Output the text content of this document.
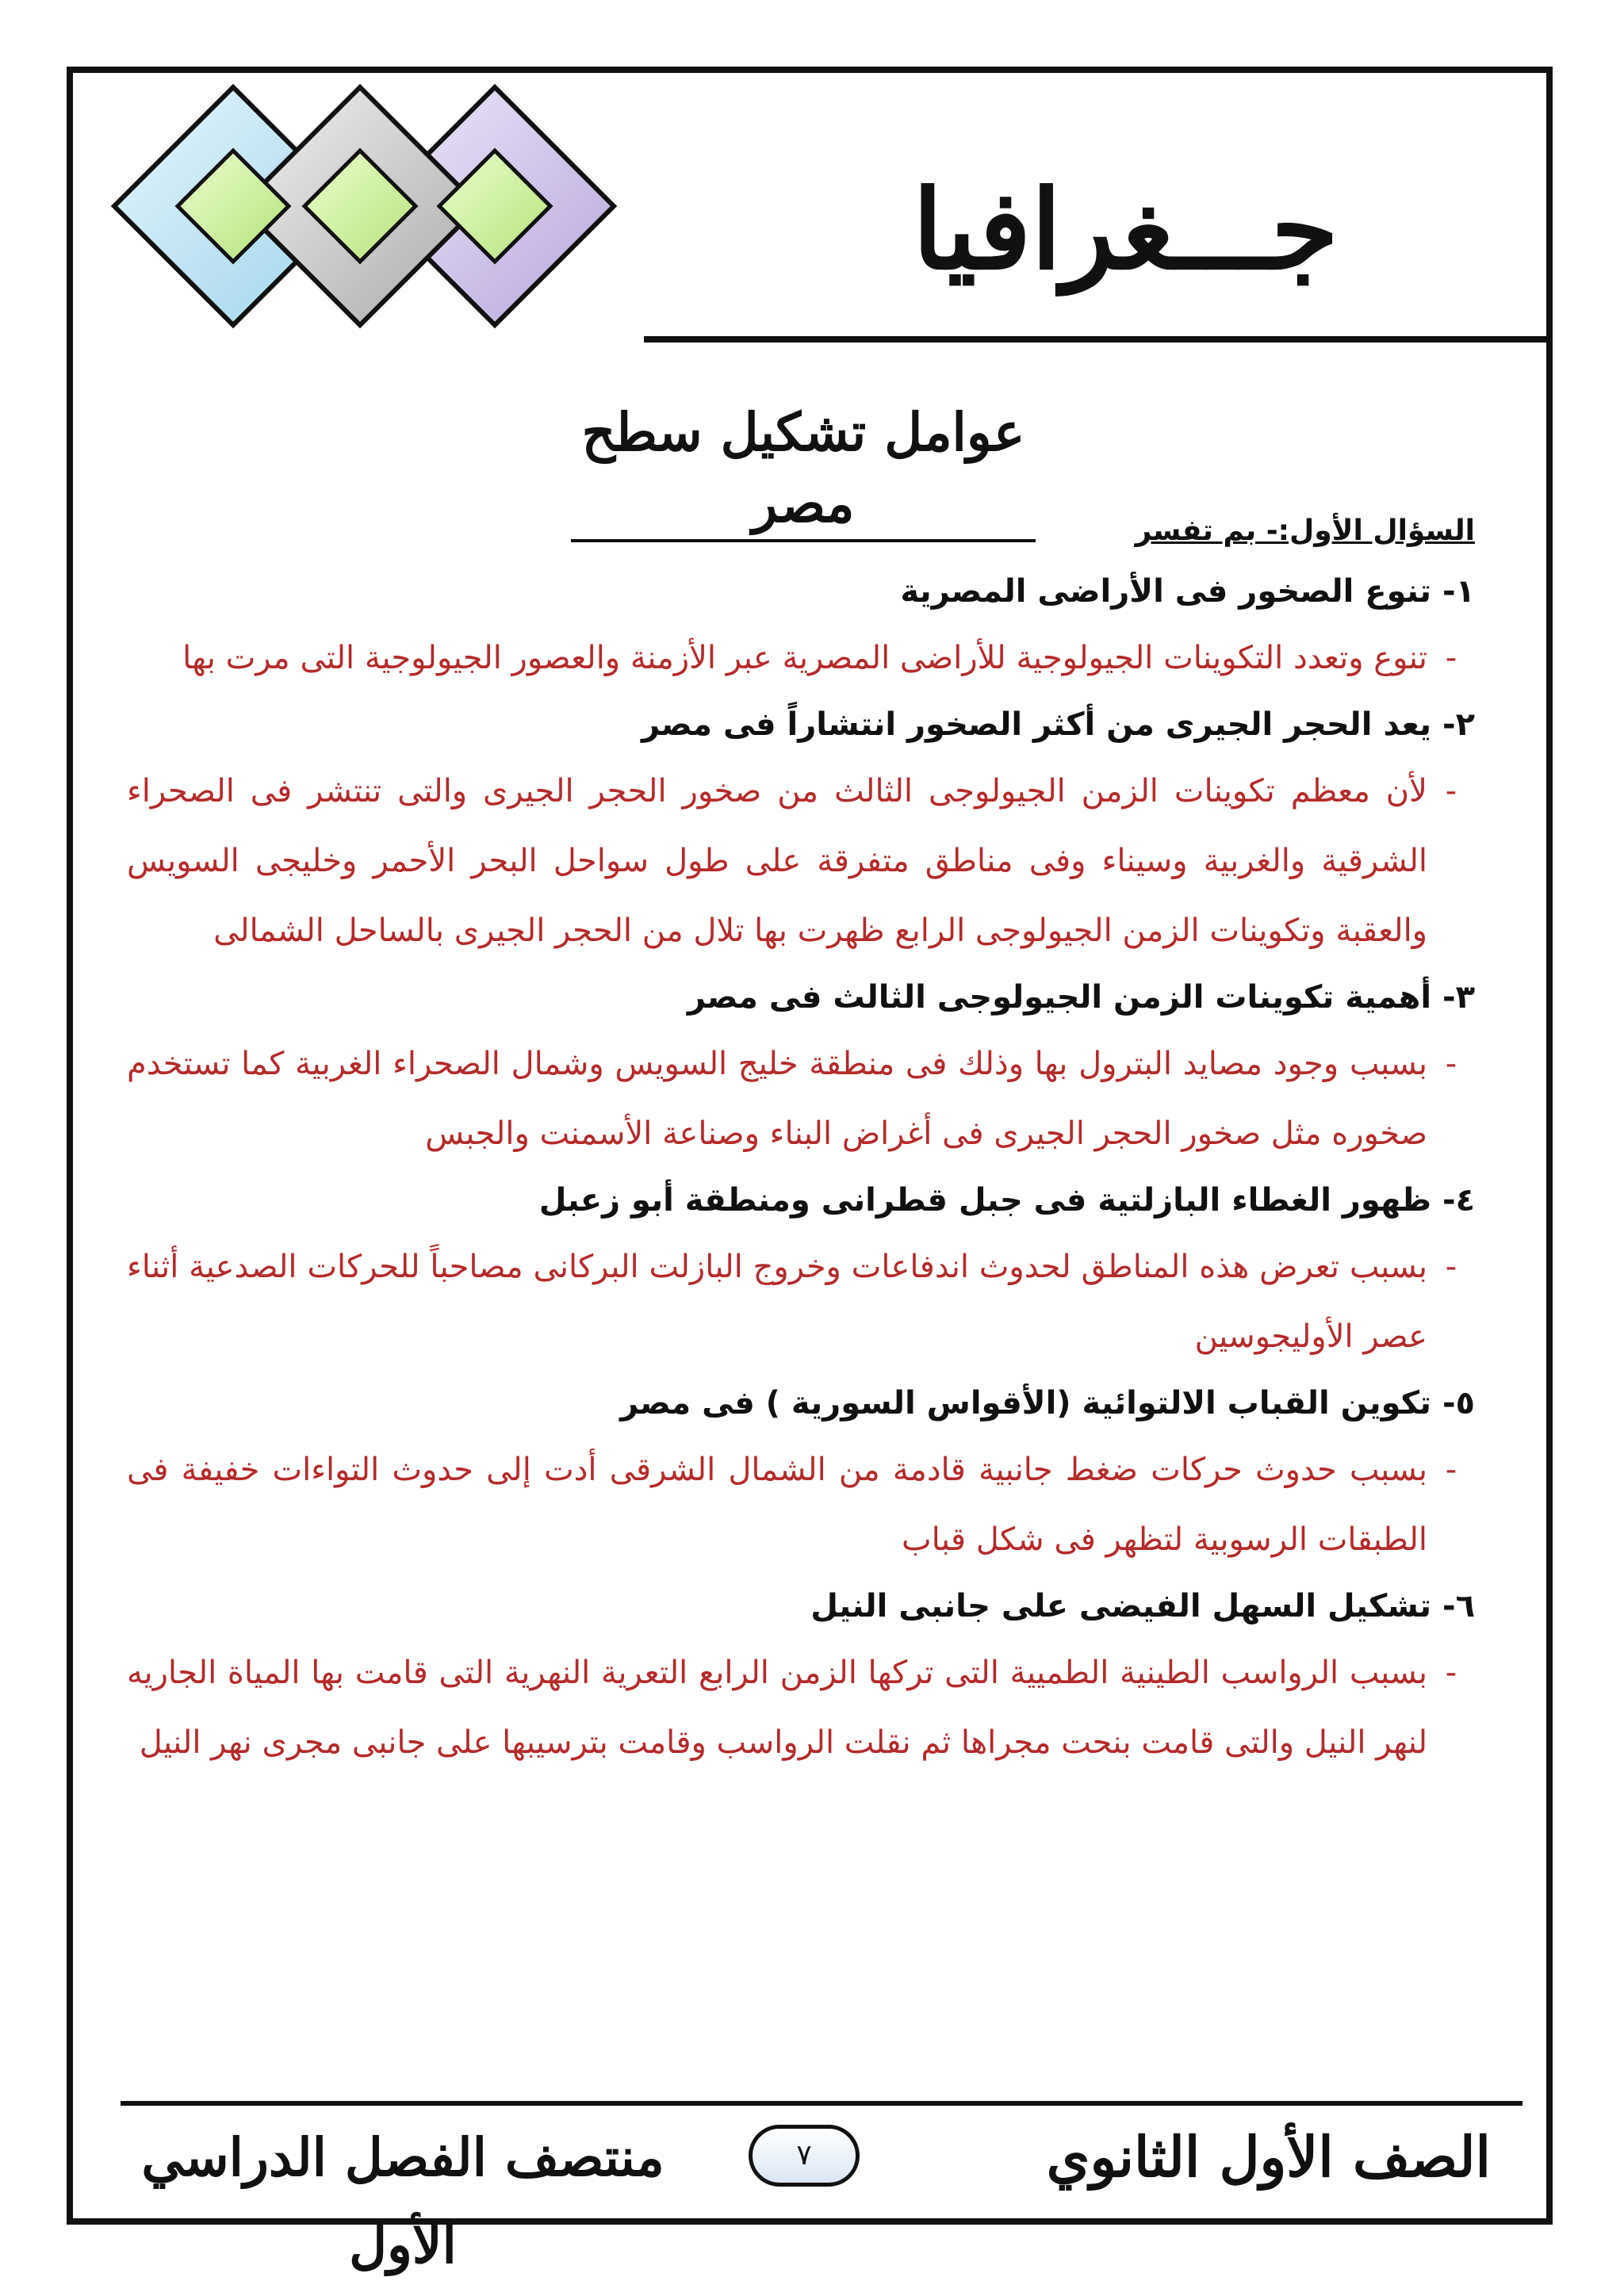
جـــغرافيا
عوامل تشكيل سطح مصر	السؤال الأول:- بم تفسر
١- تنوع الصخور فى الأراضى المصرية
-
تنوع وتعدد التكوينات الجيولوجية للأراضى المصرية عبر الأزمنة والعصور الجيولوجية التى مرت بها
٢- يعد الحجر الجيرى من أكثر الصخور انتشاراً فى مصر
-
لأن معظم تكوينات الزمن الجيولوجى الثالث من صخور الحجر الجيرى والتى تنتشر فى الصحراء الشرقية والغربية وسيناء وفى مناطق متفرقة على طول سواحل البحر الأحمر وخليجى السويس والعقبة وتكوينات الزمن الجيولوجى الرابع ظهرت بها تلال من الحجر الجيرى بالساحل الشمالى
٣- أهمية تكوينات الزمن الجيولوجى الثالث فى مصر
-
بسبب وجود مصايد البترول بها وذلك فى منطقة خليج السويس وشمال الصحراء الغربية كما تستخدم صخوره مثل صخور الحجر الجيرى فى أغراض البناء وصناعة الأسمنت والجبس
٤- ظهور الغطاء البازلتية فى جبل قطرانى ومنطقة أبو زعبل
-
بسبب تعرض هذه المناطق لحدوث اندفاعات وخروج البازلت البركانى مصاحباً للحركات الصدعية أثناء عصر الأوليجوسين
٥- تكوين القباب الالتوائية (الأقواس السورية ) فى مصر
-
بسبب حدوث حركات ضغط جانبية قادمة من الشمال الشرقى أدت إلى حدوث التواءات خفيفة فى الطبقات الرسوبية لتظهر فى شكل قباب
٦- تشكيل السهل الفيضى على جانبى النيل
-
بسبب الرواسب الطينية الطميية التى تركها الزمن الرابع التعرية النهرية التى قامت بها المياة الجاريه لنهر النيل والتى قامت بنحت مجراها ثم نقلت الرواسب وقامت بترسيبها على جانبى مجرى نهر النيل
الصف الأول الثانوي
٧
منتصف الفصل الدراسي الأول
